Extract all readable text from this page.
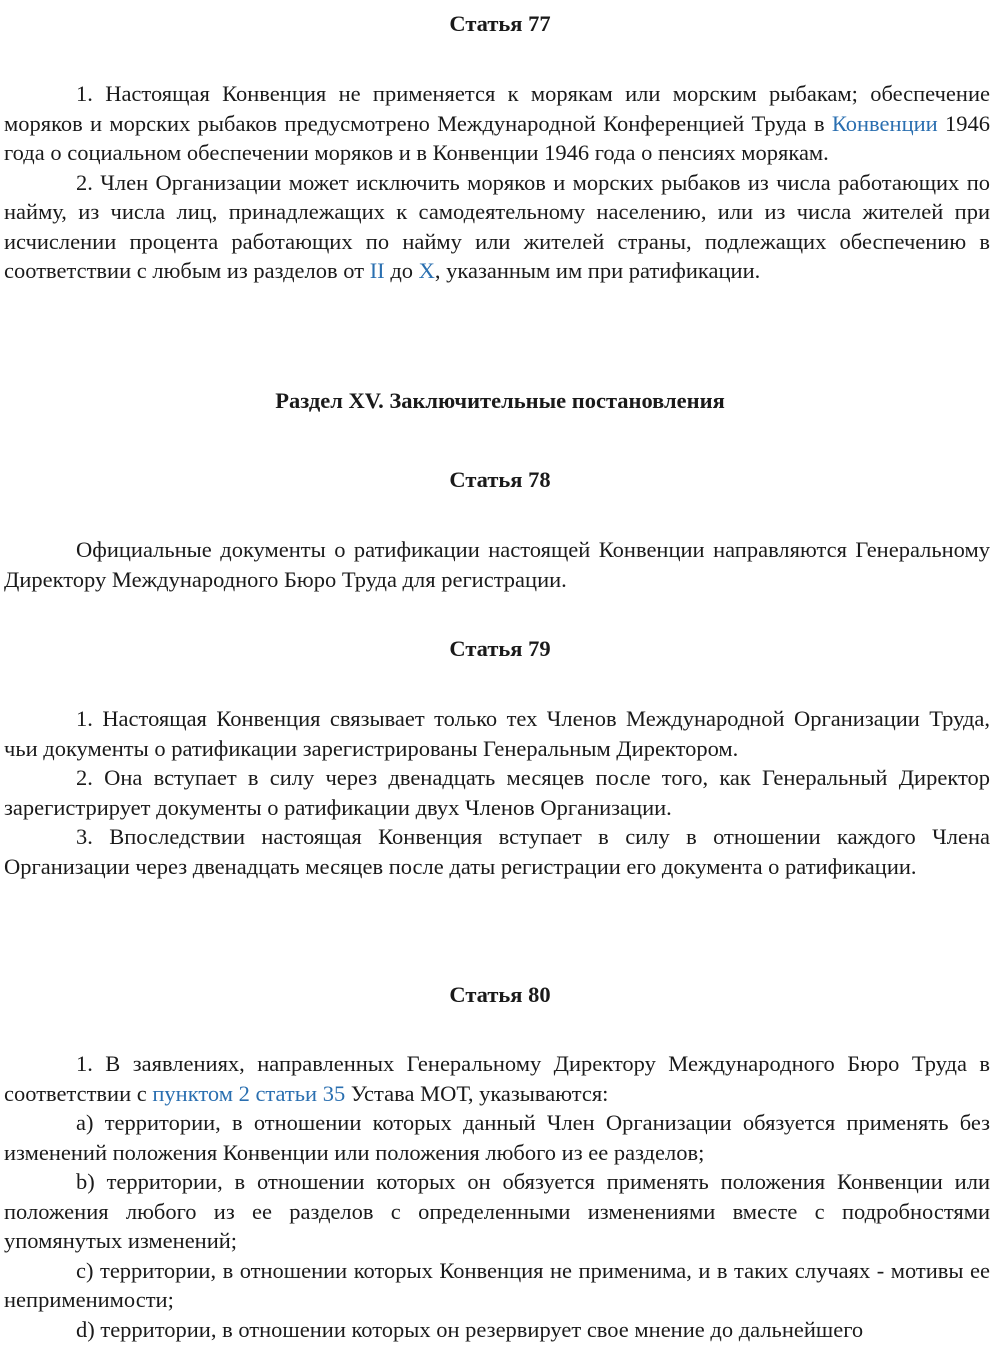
Статья 77

1. Настоящая Конвенция не применяется к морякам или морским рыбакам; обеспечение моряков и морских рыбаков предусмотрено Международной Конференцией Труда в Конвенции 1946 года о социальном обеспечении моряков и в Конвенции 1946 года о пенсиях морякам.

2. Член Организации может исключить моряков и морских рыбаков из числа работающих по найму, из числа лиц, принадлежащих к самодеятельному населению, или из числа жителей при исчислении процента работающих по найму или жителей страны, подлежащих обеспечению в соответствии с любым из разделов от II до X, указанным им при ратификации.

Раздел XV. Заключительные постановления
Статья 78

Официальные документы о ратификации настоящей Конвенции направляются Генеральному Директору Международного Бюро Труда для регистрации.

Статья 79

1. Настоящая Конвенция связывает только тех Членов Международной Организации Труда, чьи документы о ратификации зарегистрированы Генеральным Директором.

2. Она вступает в силу через двенадцать месяцев после того, как Генеральный Директор зарегистрирует документы о ратификации двух Членов Организации.

3. Впоследствии настоящая Конвенция вступает в силу в отношении каждого Члена Организации через двенадцать месяцев после даты регистрации его документа о ратификации.

Статья 80

1. В заявлениях, направленных Генеральному Директору Международного Бюро Труда в соответствии с пунктом 2 статьи 35 Устава МОТ, указываются:

a) территории, в отношении которых данный Член Организации обязуется применять без изменений положения Конвенции или положения любого из ее разделов;

b) территории, в отношении которых он обязуется применять положения Конвенции или положения любого из ее разделов с определенными изменениями вместе с подробностями упомянутых изменений;

c) территории, в отношении которых Конвенция не применима, и в таких случаях - мотивы ее неприменимости;

d) территории, в отношении которых он резервирует свое мнение до дальнейшего
